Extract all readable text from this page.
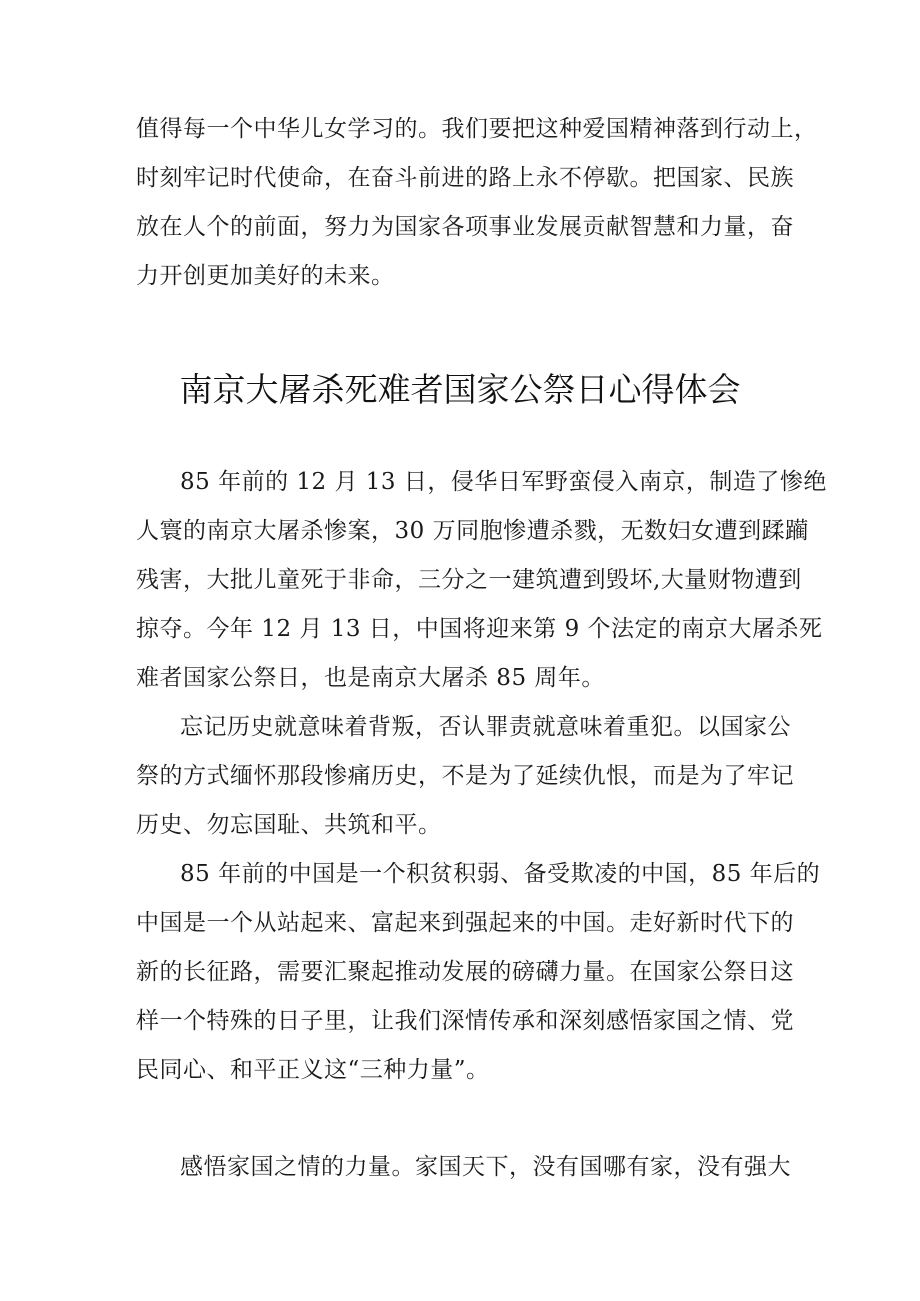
值得每一个中华儿女学习的。我们要把这种爱国精神落到行动上，
时刻牢记时代使命，在奋斗前进的路上永不停歇。把国家、民族
放在人个的前面，努力为国家各项事业发展贡献智慧和力量，奋
力开创更加美好的未来。
南京大屠杀死难者国家公祭日心得体会
85 年前的 12 月 13 日，侵华日军野蛮侵入南京，制造了惨绝
人寰的南京大屠杀惨案，30 万同胞惨遭杀戮，无数妇女遭到蹂躏
残害，大批儿童死于非命，三分之一建筑遭到毁坏,大量财物遭到
掠夺。今年 12 月 13 日，中国将迎来第 9 个法定的南京大屠杀死
难者国家公祭日，也是南京大屠杀 85 周年。
忘记历史就意味着背叛，否认罪责就意味着重犯。以国家公
祭的方式缅怀那段惨痛历史，不是为了延续仇恨，而是为了牢记
历史、勿忘国耻、共筑和平。
85 年前的中国是一个积贫积弱、备受欺凌的中国，85 年后的
中国是一个从站起来、富起来到强起来的中国。走好新时代下的
新的长征路，需要汇聚起推动发展的磅礴力量。在国家公祭日这
样一个特殊的日子里，让我们深情传承和深刻感悟家国之情、党
民同心、和平正义这“三种力量”。
感悟家国之情的力量。家国天下，没有国哪有家，没有强大
